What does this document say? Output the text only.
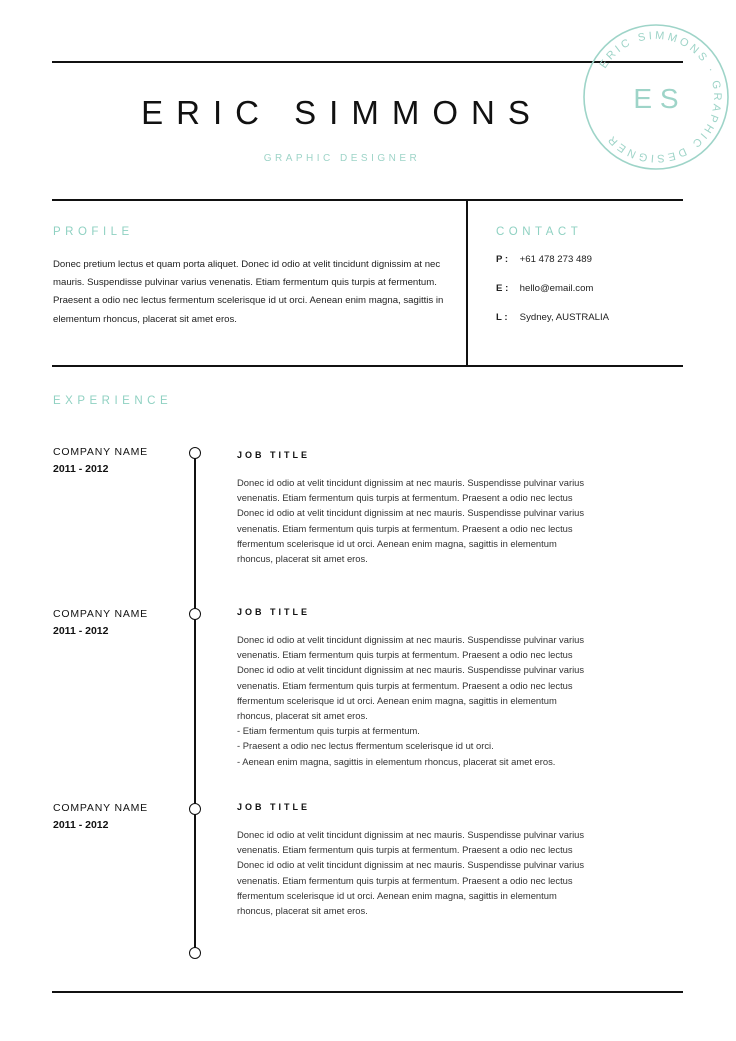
ERIC SIMMONS
GRAPHIC DESIGNER
ERIC SIMMONS · GRAPHIC DESIGNER
E S
PROFILE
Donec pretium lectus et quam porta aliquet. Donec id odio at velit tincidunt dignissim at nec mauris. Suspendisse pulvinar varius venenatis. Etiam fermentum quis turpis at fermentum. Praesent a odio nec lectus fermentum scelerisque id ut orci. Aenean enim magna, sagittis in elementum rhoncus, placerat sit amet eros.
CONTACT
P : +61 478 273 489
E : hello@email.com
L : Sydney, AUSTRALIA
EXPERIENCE
COMPANY NAME
2011 - 2012
JOB TITLE
Donec id odio at velit tincidunt dignissim at nec mauris. Suspendisse pulvinar varius
venenatis. Etiam fermentum quis turpis at fermentum. Praesent a odio nec lectus
Donec id odio at velit tincidunt dignissim at nec mauris. Suspendisse pulvinar varius
venenatis. Etiam fermentum quis turpis at fermentum. Praesent a odio nec lectus
ffermentum scelerisque id ut orci. Aenean enim magna, sagittis in elementum
rhoncus, placerat sit amet eros.
COMPANY NAME
2011 - 2012
JOB TITLE
Donec id odio at velit tincidunt dignissim at nec mauris. Suspendisse pulvinar varius
venenatis. Etiam fermentum quis turpis at fermentum. Praesent a odio nec lectus
Donec id odio at velit tincidunt dignissim at nec mauris. Suspendisse pulvinar varius
venenatis. Etiam fermentum quis turpis at fermentum. Praesent a odio nec lectus
ffermentum scelerisque id ut orci. Aenean enim magna, sagittis in elementum
rhoncus, placerat sit amet eros.
- Etiam fermentum quis turpis at fermentum.
- Praesent a odio nec lectus ffermentum scelerisque id ut orci.
- Aenean enim magna, sagittis in elementum rhoncus, placerat sit amet eros.
COMPANY NAME
2011 - 2012
JOB TITLE
Donec id odio at velit tincidunt dignissim at nec mauris. Suspendisse pulvinar varius
venenatis. Etiam fermentum quis turpis at fermentum. Praesent a odio nec lectus
Donec id odio at velit tincidunt dignissim at nec mauris. Suspendisse pulvinar varius
venenatis. Etiam fermentum quis turpis at fermentum. Praesent a odio nec lectus
ffermentum scelerisque id ut orci. Aenean enim magna, sagittis in elementum
rhoncus, placerat sit amet eros.
